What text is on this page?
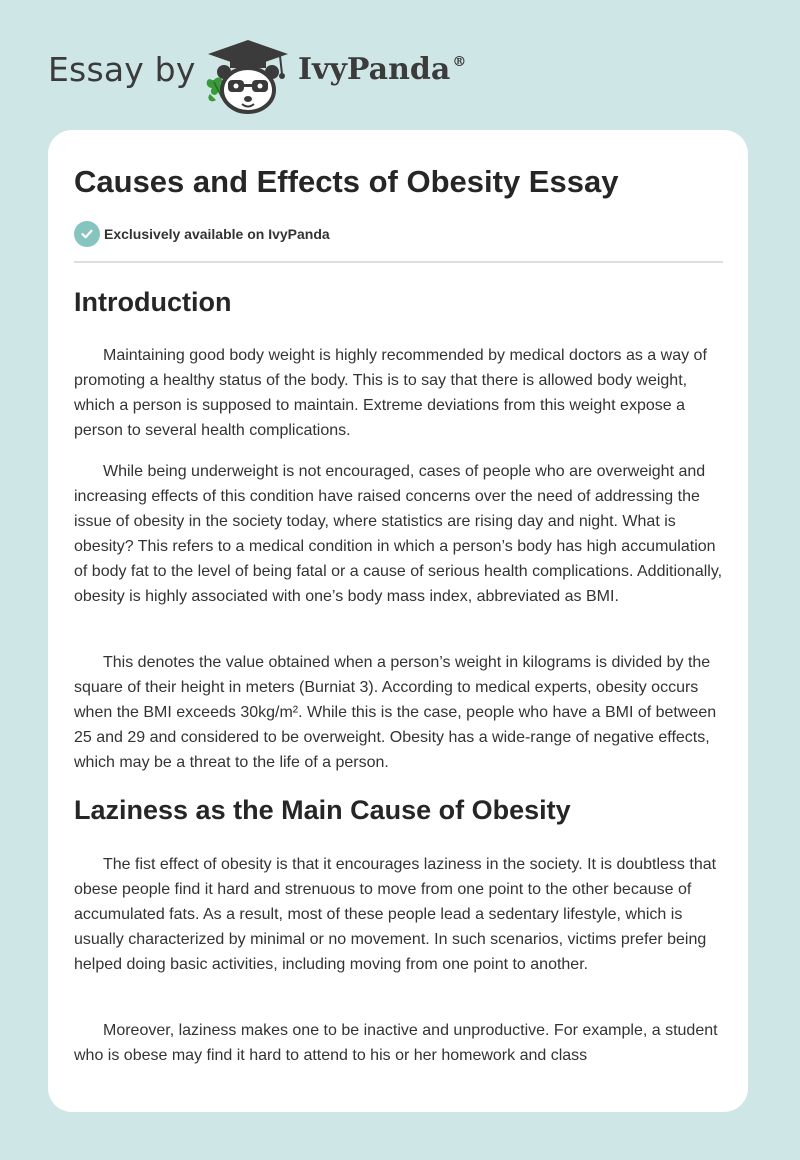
Essay by	IvyPanda ®
Causes and Effects of Obesity Essay
Exclusively available on IvyPanda
Introduction

Maintaining good body weight is highly recommended by medical doctors as a way of promoting a healthy status of the body. This is to say that there is allowed body weight, which a person is supposed to maintain. Extreme deviations from this weight expose a person to several health complications.

While being underweight is not encouraged, cases of people who are overweight and increasing effects of this condition have raised concerns over the need of addressing the issue of obesity in the society today, where statistics are rising day and night. What is obesity? This refers to a medical condition in which a person’s body has high accumulation of body fat to the level of being fatal or a cause of serious health complications. Additionally, obesity is highly associated with one’s body mass index, abbreviated as BMI.

This denotes the value obtained when a person’s weight in kilograms is divided by the square of their height in meters (Burniat 3). According to medical experts, obesity occurs when the BMI exceeds 30kg/m². While this is the case, people who have a BMI of between 25 and 29 and considered to be overweight. Obesity has a wide-range of negative effects, which may be a threat to the life of a person.

Laziness as the Main Cause of Obesity

The fist effect of obesity is that it encourages laziness in the society. It is doubtless that obese people find it hard and strenuous to move from one point to the other because of accumulated fats. As a result, most of these people lead a sedentary lifestyle, which is usually characterized by minimal or no movement. In such scenarios, victims prefer being helped doing basic activities, including moving from one point to another.

Moreover, laziness makes one to be inactive and unproductive. For example, a student who is obese may find it hard to attend to his or her homework and class
